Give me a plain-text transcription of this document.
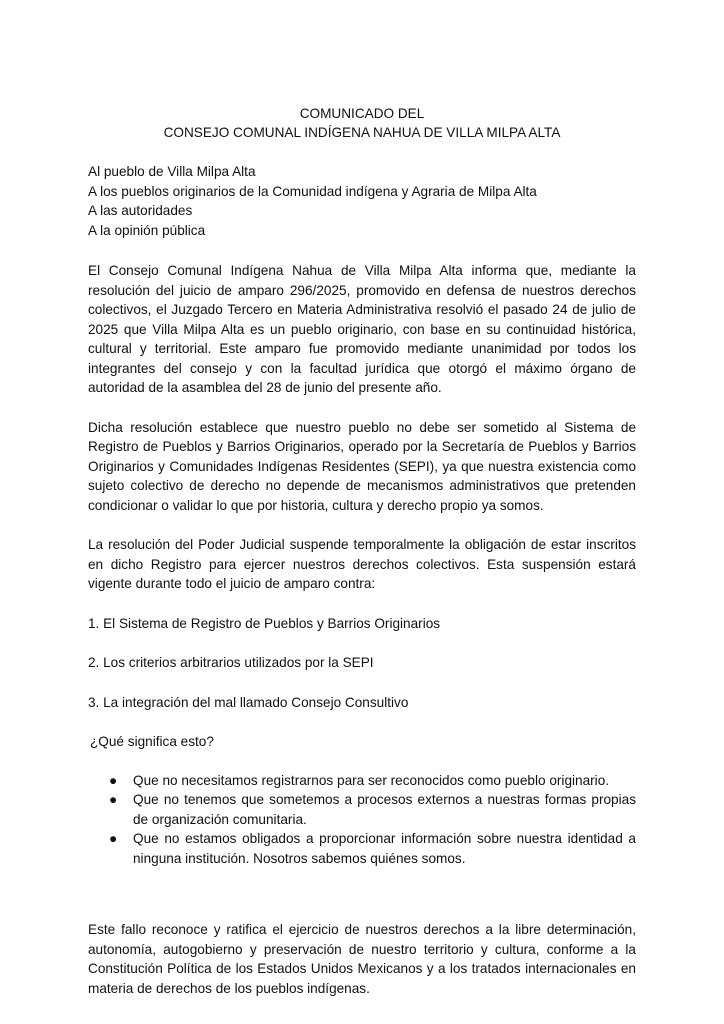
COMUNICADO DEL
CONSEJO COMUNAL INDÍGENA NAHUA DE VILLA MILPA ALTA
Al pueblo de Villa Milpa Alta
A los pueblos originarios de la Comunidad indígena y Agraria de Milpa Alta
A las autoridades
A la opinión pública

El Consejo Comunal Indígena Nahua de Villa Milpa Alta informa que, mediante la resolución del juicio de amparo 296/2025, promovido en defensa de nuestros derechos colectivos, el Juzgado Tercero en Materia Administrativa resolvió el pasado 24 de julio de 2025 que Villa Milpa Alta es un pueblo originario, con base en su continuidad histórica, cultural y territorial. Este amparo fue promovido mediante unanimidad por todos los integrantes del consejo y con la facultad jurídica que otorgó el máximo órgano de autoridad de la asamblea del 28 de junio del presente año.

Dicha resolución establece que nuestro pueblo no debe ser sometido al Sistema de Registro de Pueblos y Barrios Originarios, operado por la Secretaría de Pueblos y Barrios Originarios y Comunidades Indígenas Residentes (SEPI), ya que nuestra existencia como sujeto colectivo de derecho no depende de mecanismos administrativos que pretenden condicionar o validar lo que por historia, cultura y derecho propio ya somos.

La resolución del Poder Judicial suspende temporalmente la obligación de estar inscritos en dicho Registro para ejercer nuestros derechos colectivos. Esta suspensión estará vigente durante todo el juicio de amparo contra:

1. El Sistema de Registro de Pueblos y Barrios Originarios
2. Los criterios arbitrarios utilizados por la SEPI
3. La integración del mal llamado Consejo Consultivo
¿Qué significa esto?
● Que no necesitamos registrarnos para ser reconocidos como pueblo originario.
● Que no tenemos que sometemos a procesos externos a nuestras formas propias de organización comunitaria.
● Que no estamos obligados a proporcionar información sobre nuestra identidad a ninguna institución. Nosotros sabemos quiénes somos.

Este fallo reconoce y ratifica el ejercicio de nuestros derechos a la libre determinación, autonomía, autogobierno y preservación de nuestro territorio y cultura, conforme a la Constitución Política de los Estados Unidos Mexicanos y a los tratados internacionales en materia de derechos de los pueblos indígenas.
